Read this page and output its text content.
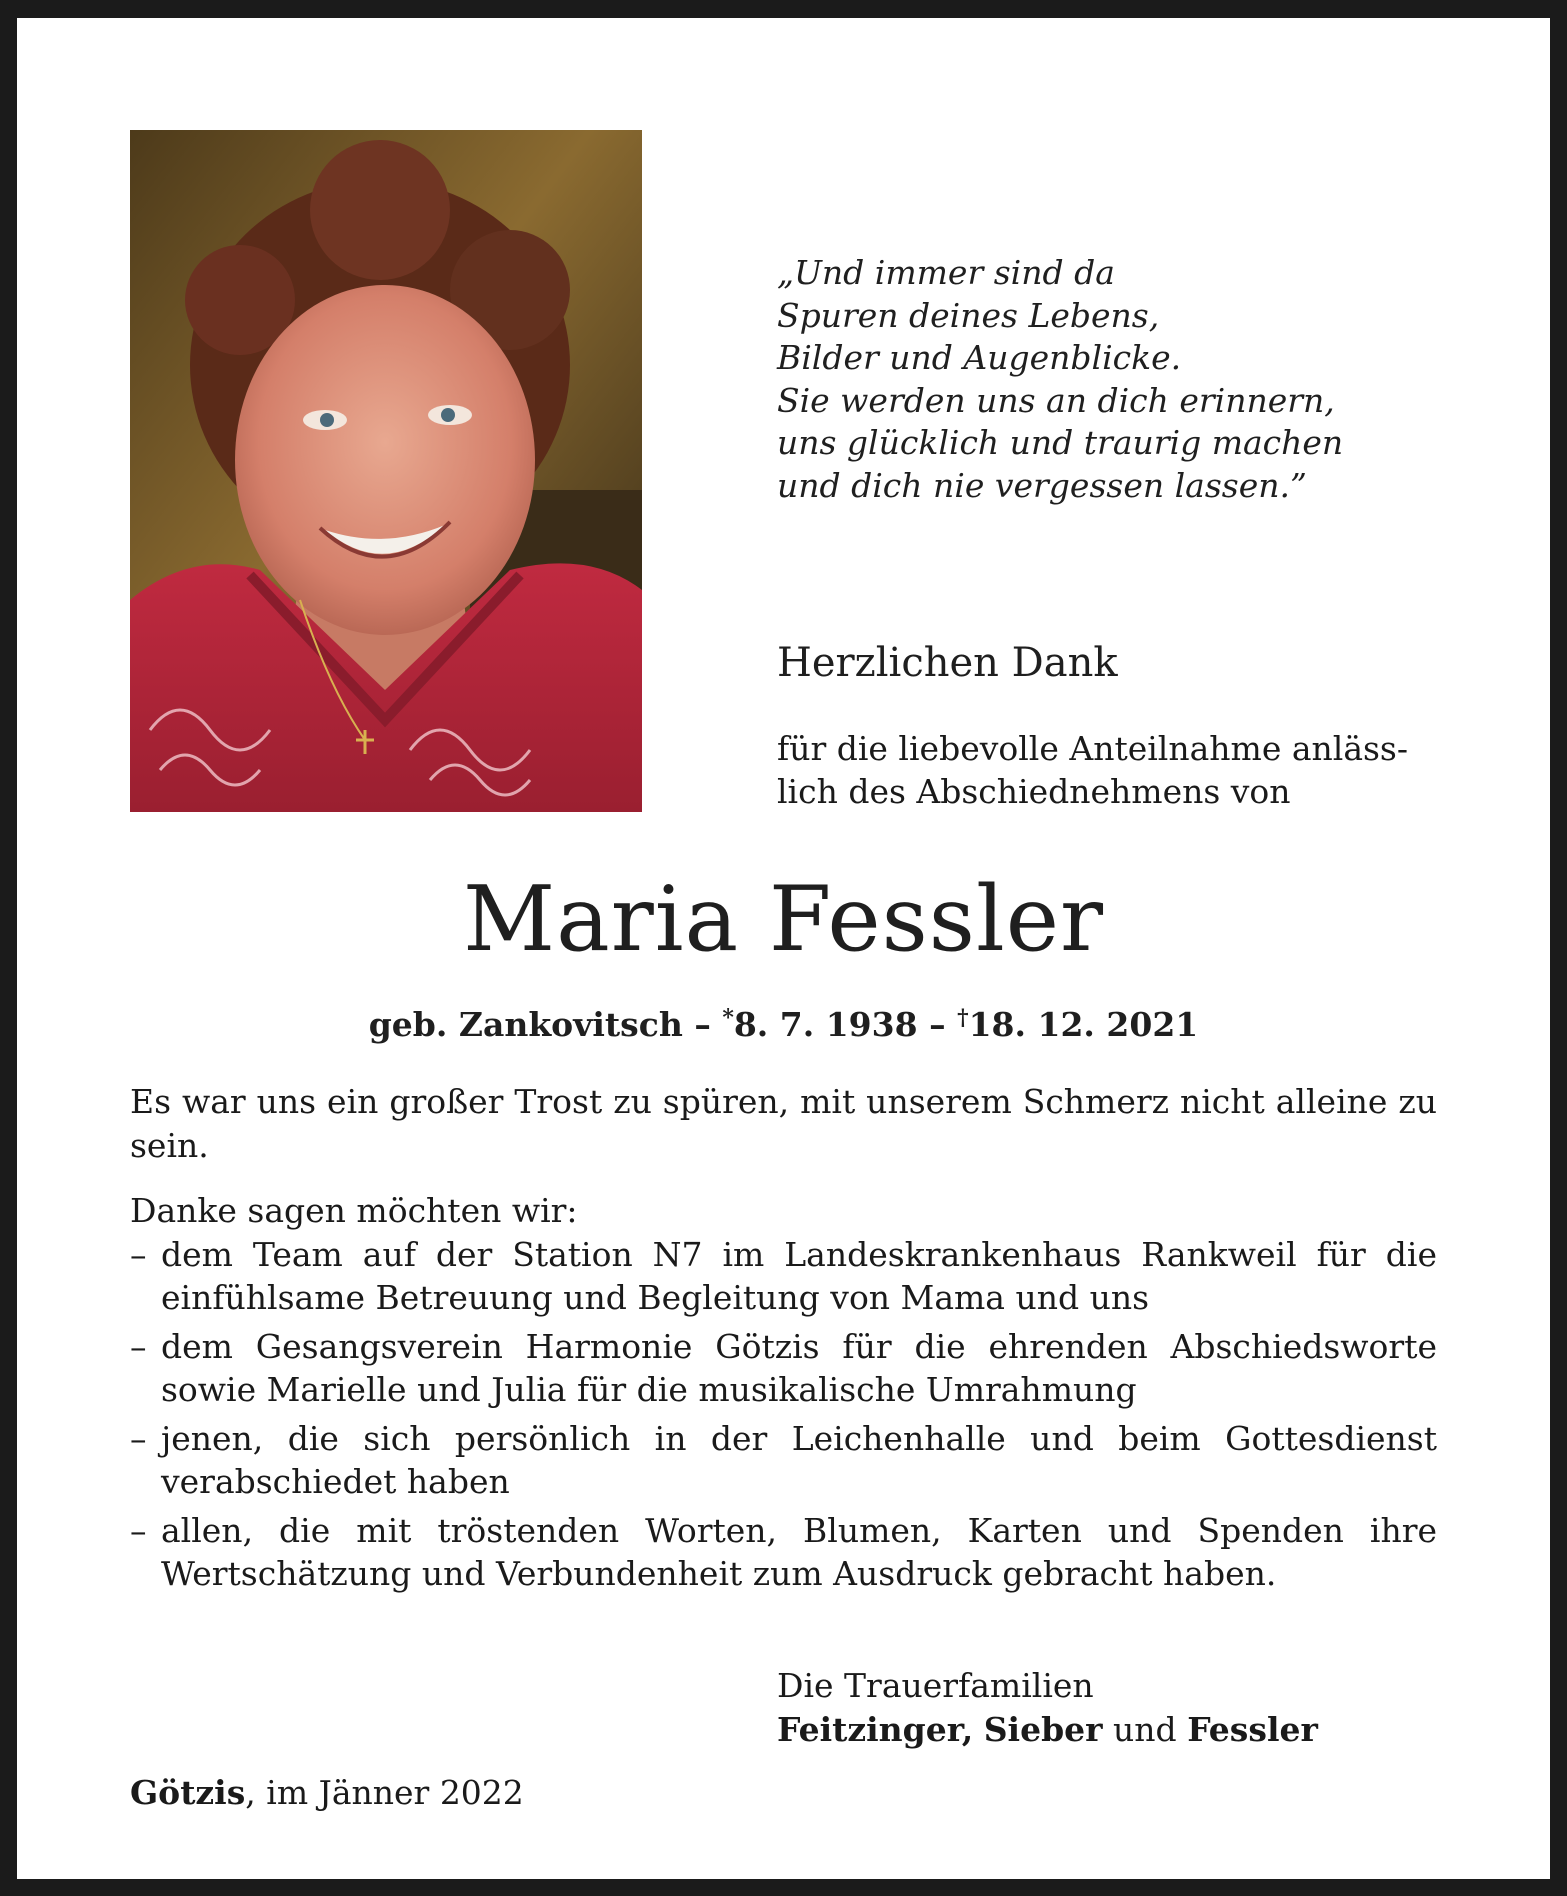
„Und immer sind da
Spuren deines Lebens,
Bilder und Augenblicke.
Sie werden uns an dich erinnern,
uns glücklich und traurig machen
und dich nie vergessen lassen.”
Herzlichen Dank
für die liebevolle Anteilnahme anläss-
lich des Abschiednehmens von
Maria Fessler
geb. Zankovitsch – *8. 7. 1938 – †18. 12. 2021

Es war uns ein großer Trost zu spüren, mit unserem Schmerz nicht alleine zu sein.

Danke sagen möchten wir:

– dem Team auf der Station N7 im Landeskrankenhaus Rankweil für die einfühlsame Betreuung und Begleitung von Mama und uns
– dem Gesangsverein Harmonie Götzis für die ehrenden Abschiedsworte sowie Marielle und Julia für die musikalische Umrahmung
– jenen, die sich persönlich in der Leichenhalle und beim Gottesdienst verabschiedet haben
– allen, die mit tröstenden Worten, Blumen, Karten und Spenden ihre Wertschätzung und Verbundenheit zum Ausdruck gebracht haben.
Die Trauerfamilien
Feitzinger, Sieber und Fessler
Götzis, im Jänner 2022
